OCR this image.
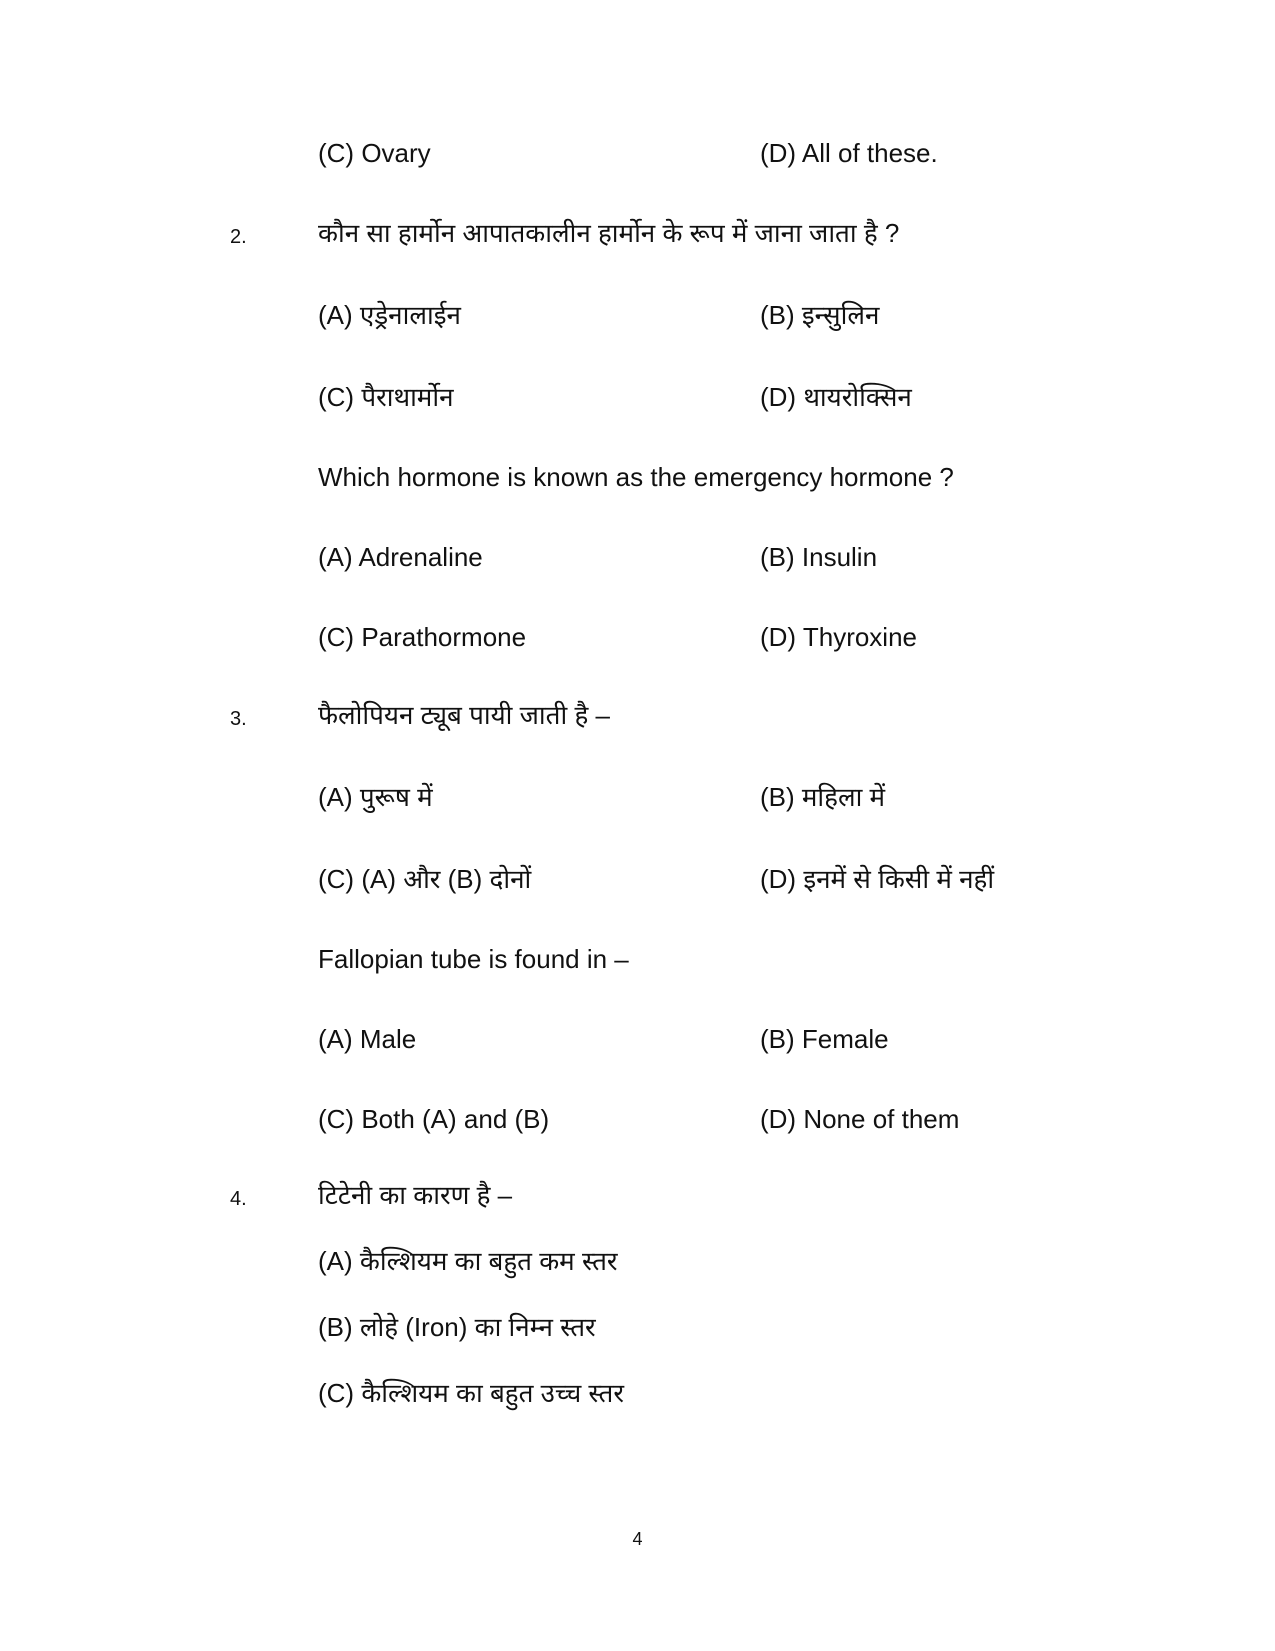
(C) Ovary	(D) All of these.
2.	कौन सा हार्मोन आपातकालीन हार्मोन के रूप में जाना जाता है ?
(A) एड्रेनालाईन	(B) इन्सुलिन
(C) पैराथार्मोन	(D) थायरोक्सिन
Which hormone is known as the emergency hormone ?
(A) Adrenaline	(B) Insulin
(C) Parathormone	(D) Thyroxine
3.	फैलोपियन ट्यूब पायी जाती है –
(A) पुरूष में	(B) महिला में
(C) (A) और (B) दोनों	(D) इनमें से किसी में नहीं
Fallopian tube is found in –
(A) Male	(B) Female
(C) Both (A) and (B)	(D) None of them
4.	टिटेनी का कारण है –
(A) कैल्शियम का बहुत कम स्तर
(B) लोहे (Iron) का निम्न स्तर
(C) कैल्शियम का बहुत उच्च स्तर
4
